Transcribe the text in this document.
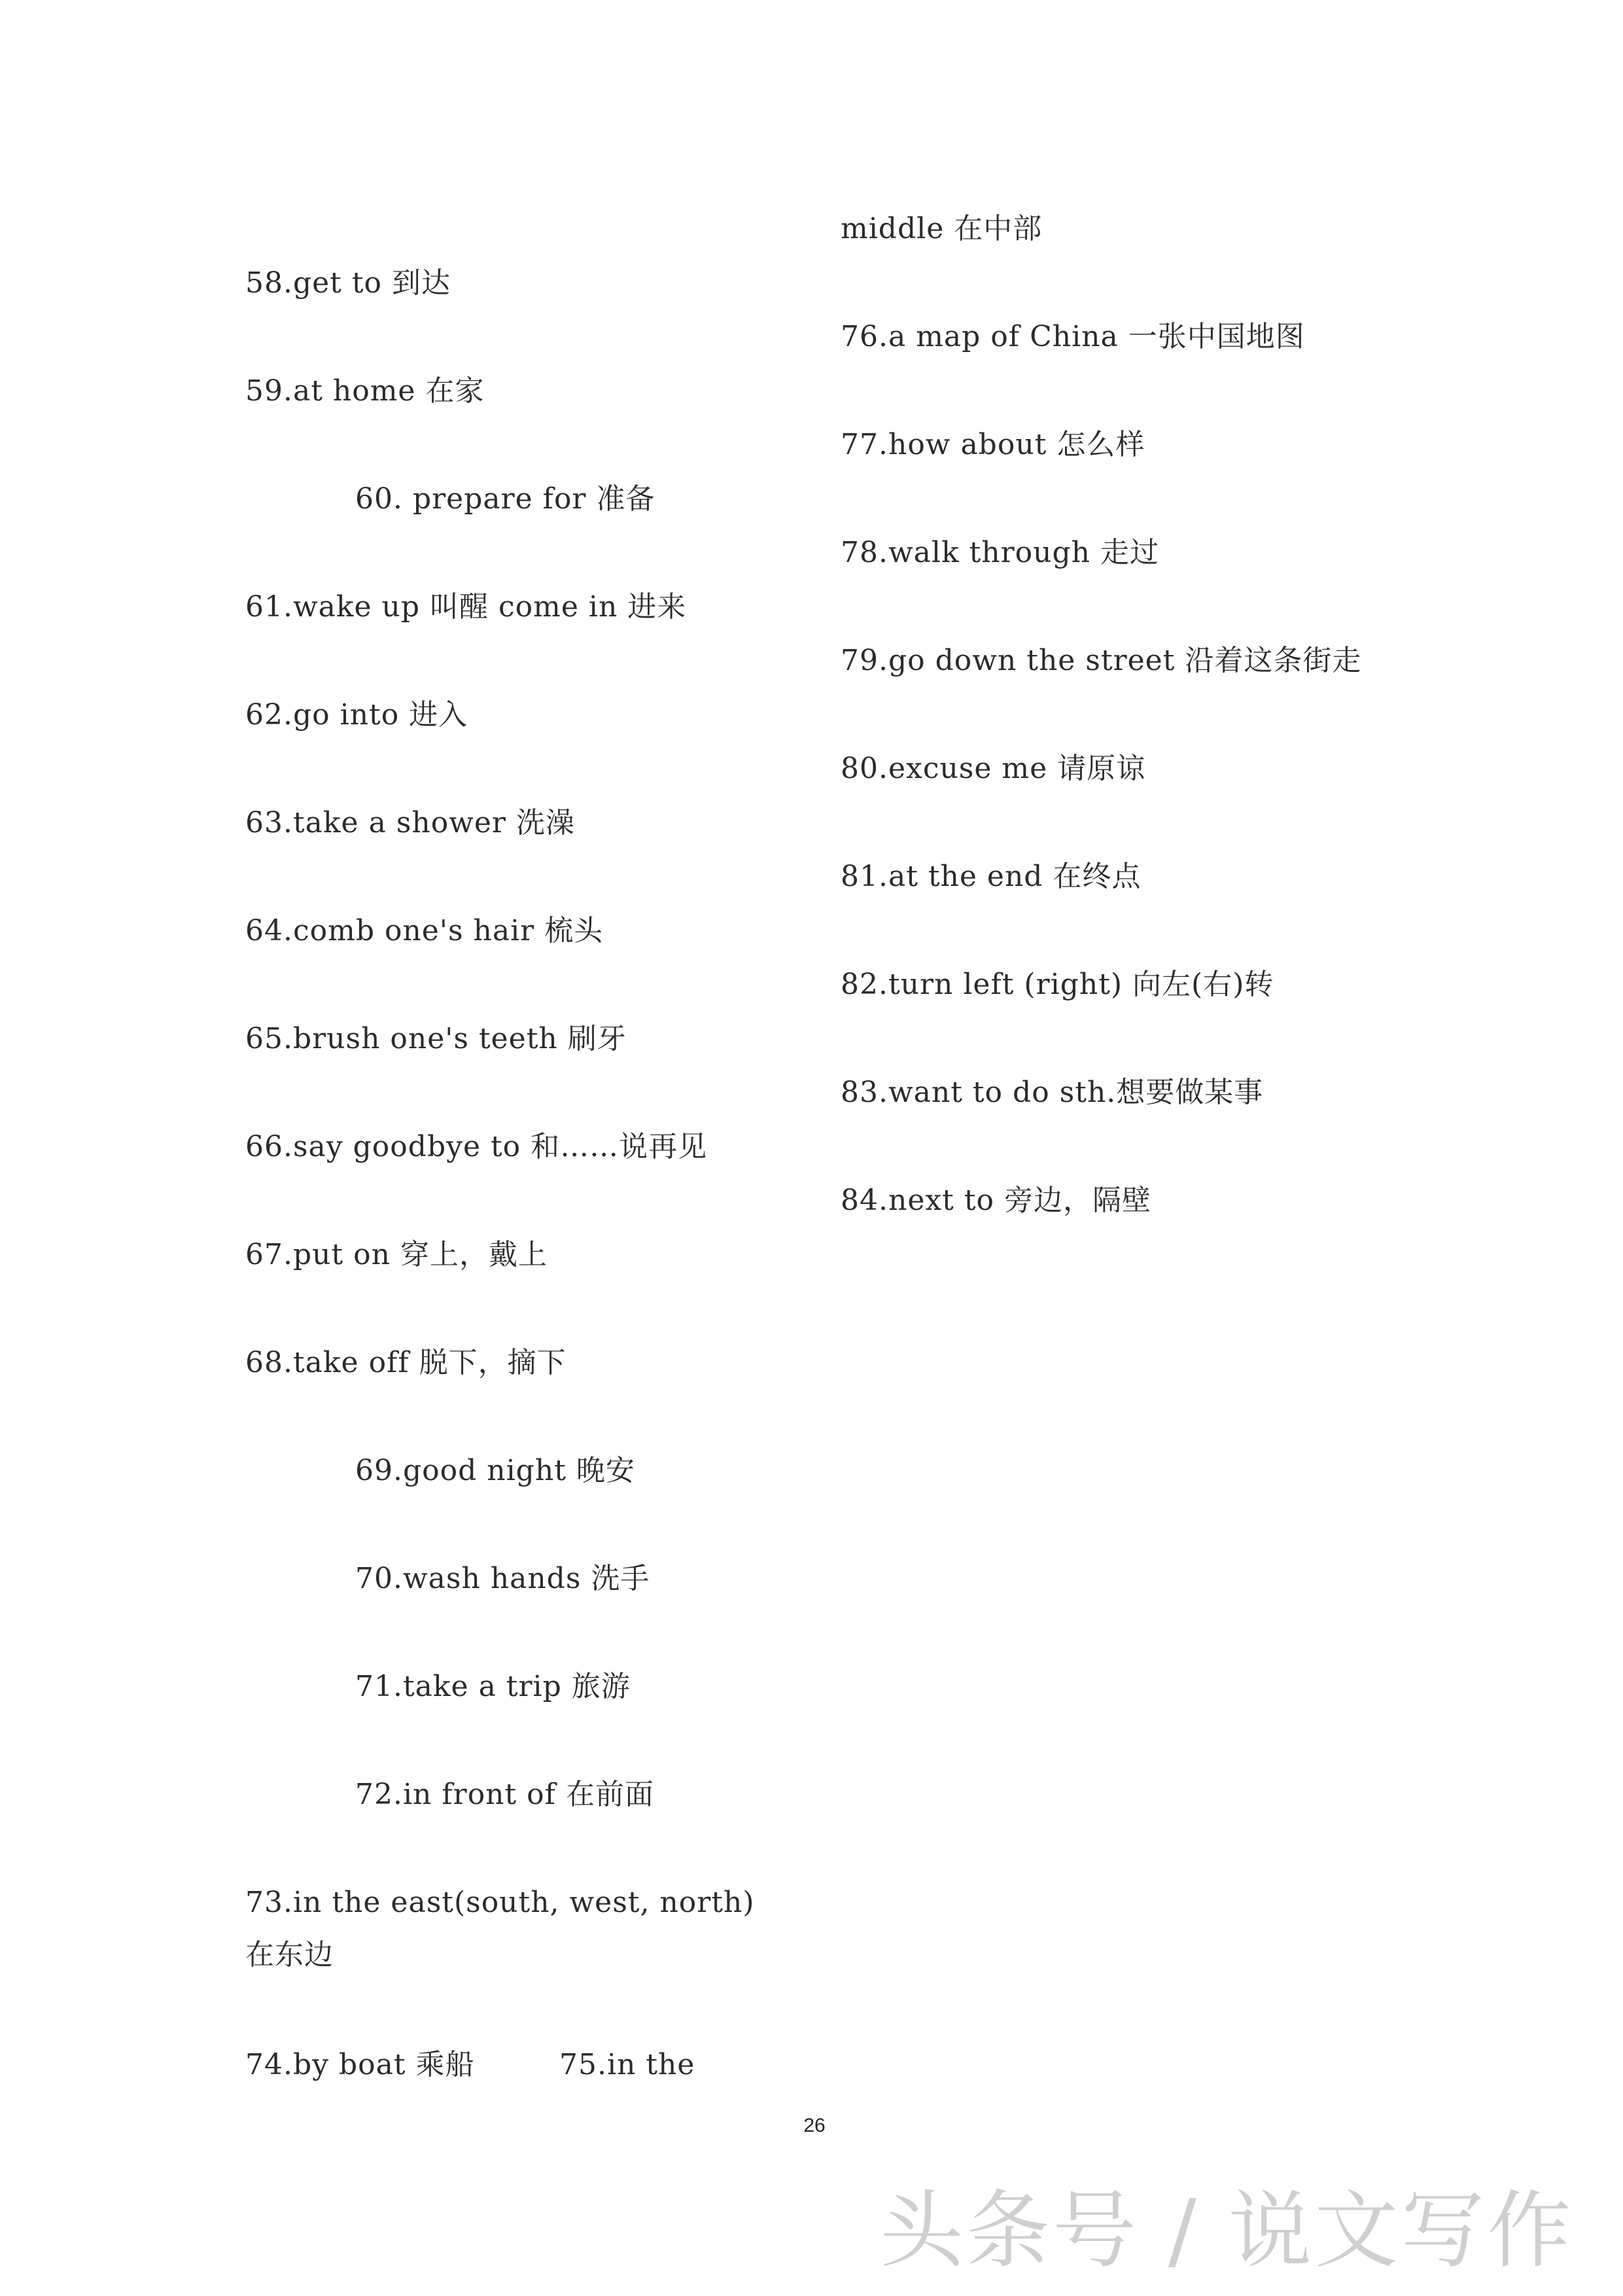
58.get to 到达
59.at home 在家
60. prepare for 准备
61.wake up 叫醒 come in 进来
62.go into 进入
63.take a shower 洗澡
64.comb one's hair 梳头
65.brush one's teeth 刷牙
66.say goodbye to 和……说再见
67.put on 穿上，戴上
68.take off 脱下，摘下
69.good night 晚安
70.wash hands 洗手
71.take a trip 旅游
72.in front of 在前面
73.in the east(south, west, north)
在东边
74.by boat 乘船	75.in the
middle 在中部
76.a map of China 一张中国地图
77.how about 怎么样
78.walk through 走过
79.go down the street 沿着这条街走
80.excuse me 请原谅
81.at the end 在终点
82.turn left (right) 向左(右)转
83.want to do sth.想要做某事
84.next to 旁边，隔壁
26
头条号 / 说文写作
